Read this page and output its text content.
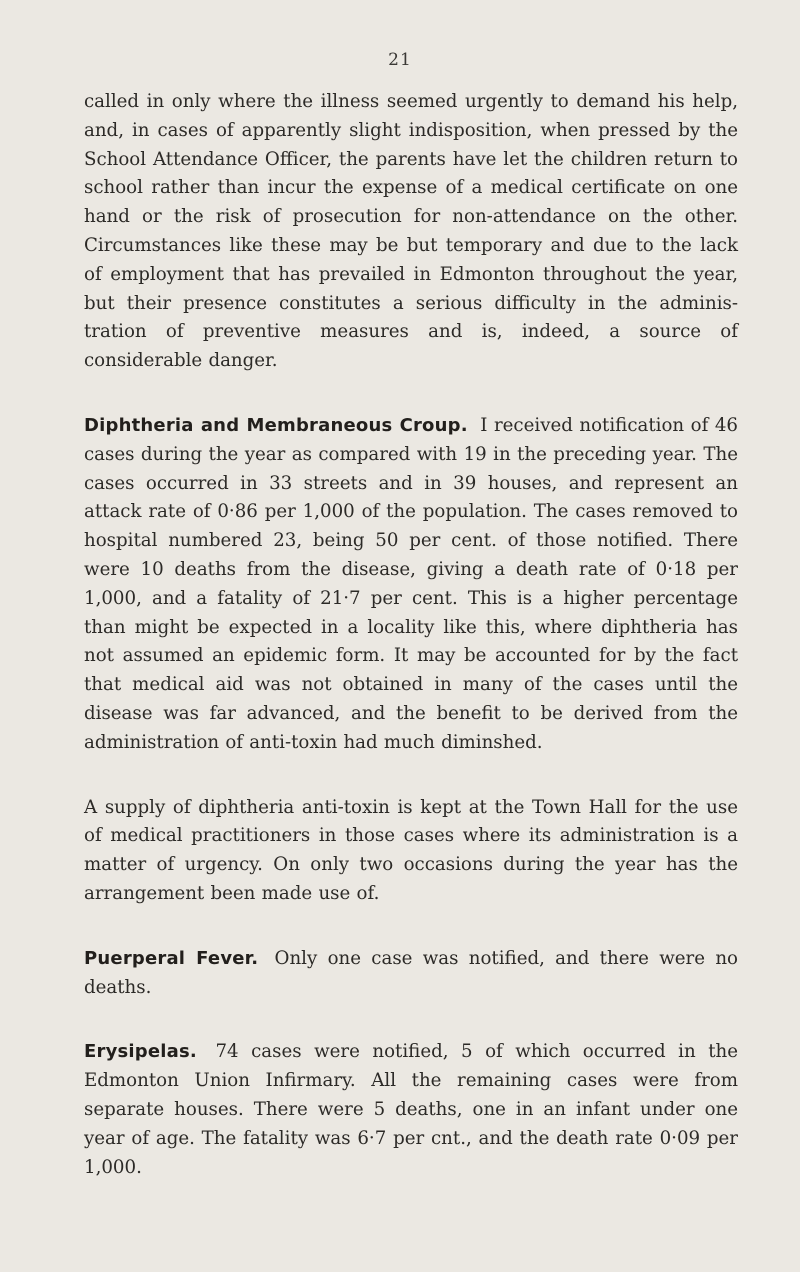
21

called in only where the illness seemed urgently to demand his help, and, in cases of apparently slight indisposition, when pressed by the School Attendance Officer, the parents have let the children return to school rather than incur the expense of a medical certificate on one hand or the risk of prosecution for non-attendance on the other. Circumstances like these may be but temporary and due to the lack of employment that has prevailed in Edmonton throughout the year, but their presence constitutes a serious difficulty in the adminis- tration of preventive measures and is, indeed, a source of considerable danger.

Diphtheria and Membraneous Croup. I received notification of 46 cases during the year as compared with 19 in the preceding year. The cases occurred in 33 streets and in 39 houses, and represent an attack rate of 0·86 per 1,000 of the population. The cases removed to hospital numbered 23, being 50 per cent. of those notified. There were 10 deaths from the disease, giving a death rate of 0·18 per 1,000, and a fatality of 21·7 per cent. This is a higher percentage than might be expected in a locality like this, where diphtheria has not assumed an epidemic form. It may be accounted for by the fact that medical aid was not obtained in many of the cases until the disease was far advanced, and the benefit to be derived from the administration of anti-toxin had much diminshed.

A supply of diphtheria anti-toxin is kept at the Town Hall for the use of medical practitioners in those cases where its administration is a matter of urgency. On only two occasions during the year has the arrangement been made use of.

Puerperal Fever. Only one case was notified, and there were no deaths.

Erysipelas. 74 cases were notified, 5 of which occurred in the Edmonton Union Infirmary. All the remaining cases were from separate houses. There were 5 deaths, one in an infant under one year of age. The fatality was 6·7 per cnt., and the death rate 0·09 per 1,000.
